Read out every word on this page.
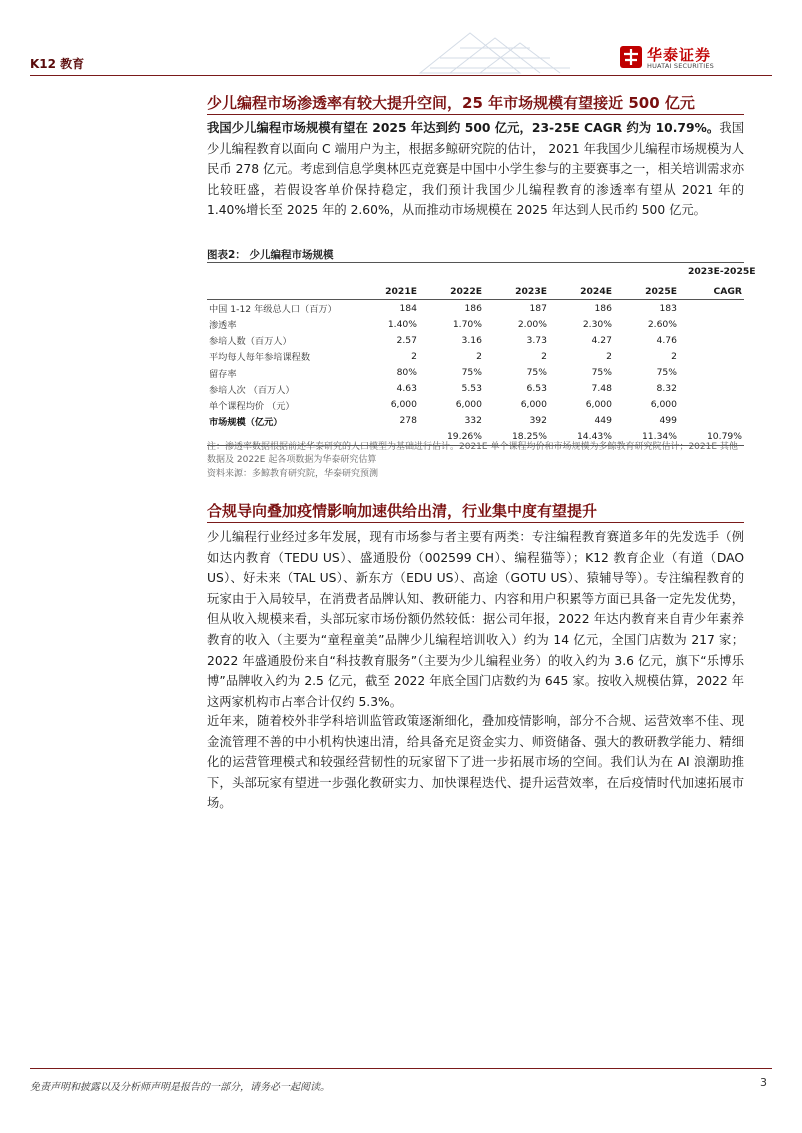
K12 教育	华泰证券
HUATAI SECURITIES
少儿编程市场渗透率有较大提升空间，25 年市场规模有望接近 500 亿元
我国少儿编程市场规模有望在 2025 年达到约 500 亿元，23-25E CAGR 约为 10.79%。我国少儿编程教育以面向 C 端用户为主，根据多鲸研究院的估计， 2021 年我国少儿编程市场规模为人民币 278 亿元。考虑到信息学奥林匹克竞赛是中国中小学生参与的主要赛事之一，相关培训需求亦比较旺盛，若假设客单价保持稳定，我们预计我国少儿编程教育的渗透率有望从 2021 年的 1.40%增长至 2025 年的 2.60%，从而推动市场规模在 2025 年达到人民币约 500 亿元。
图表2： 少儿编程市场规模
2023E-2025E
	2021E	2022E	2023E	2024E	2025E	CAGR
中国 1-12 年级总人口（百万）	184	186	187	186	183	
渗透率	1.40%	1.70%	2.00%	2.30%	2.60%	
参培人数（百万人）	2.57	3.16	3.73	4.27	4.76	
平均每人每年参培课程数	2	2	2	2	2	
留存率	80%	75%	75%	75%	75%	
参培人次 （百万人）	4.63	5.53	6.53	7.48	8.32	
单个课程均价 （元）	6,000	6,000	6,000	6,000	6,000	
市场规模（亿元）	278	332	392	449	499	
		19.26%	18.25%	14.43%	11.34%	10.79%
注：渗透率数据根据前述华泰研究的人口模型为基础进行估计。2021E 单个课程均价和市场规模为多鲸教育研究院估计；2021E 其他数据及 2022E 起各项数据为华泰研究估算
资料来源：多鲸教育研究院，华泰研究预测
合规导向叠加疫情影响加速供给出清，行业集中度有望提升
少儿编程行业经过多年发展，现有市场参与者主要有两类：专注编程教育赛道多年的先发选手（例如达内教育（TEDU US）、盛通股份（002599 CH）、编程猫等）；K12 教育企业（有道（DAO US）、好未来（TAL US）、新东方（EDU US）、高途（GOTU US）、猿辅导等）。专注编程教育的玩家由于入局较早，在消费者品牌认知、教研能力、内容和用户积累等方面已具备一定先发优势，但从收入规模来看，头部玩家市场份额仍然较低：据公司年报，2022 年达内教育来自青少年素养教育的收入（主要为“童程童美”品牌少儿编程培训收入）约为 14 亿元，全国门店数为 217 家；2022 年盛通股份来自“科技教育服务”（主要为少儿编程业务）的收入约为 3.6 亿元，旗下“乐博乐博”品牌收入约为 2.5 亿元，截至 2022 年底全国门店数约为 645 家。按收入规模估算，2022 年这两家机构市占率合计仅约 5.3%。
近年来，随着校外非学科培训监管政策逐渐细化，叠加疫情影响，部分不合规、运营效率不佳、现金流管理不善的中小机构快速出清，给具备充足资金实力、师资储备、强大的教研教学能力、精细化的运营管理模式和较强经营韧性的玩家留下了进一步拓展市场的空间。我们认为在 AI 浪潮助推下，头部玩家有望进一步强化教研实力、加快课程迭代、提升运营效率，在后疫情时代加速拓展市场。
免责声明和披露以及分析师声明是报告的一部分，请务必一起阅读。	3
